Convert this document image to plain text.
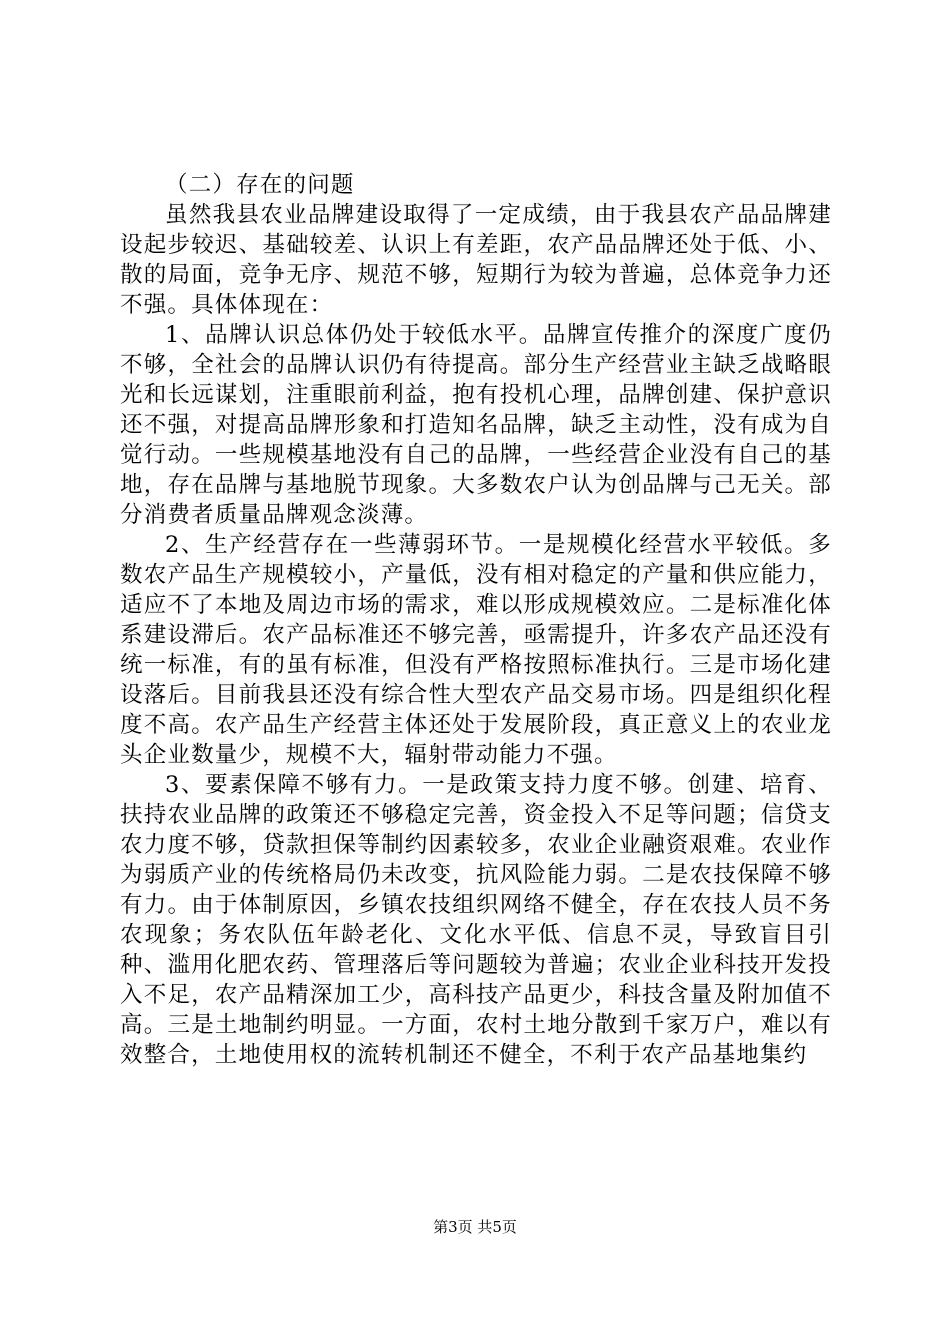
（二）存在的问题

虽然我县农业品牌建设取得了一定成绩，由于我县农产品品牌建设起步较迟、基础较差、认识上有差距，农产品品牌还处于低、小、散的局面，竞争无序、规范不够，短期行为较为普遍，总体竞争力还不强。具体体现在：

1、品牌认识总体仍处于较低水平。品牌宣传推介的深度广度仍不够，全社会的品牌认识仍有待提高。部分生产经营业主缺乏战略眼光和长远谋划，注重眼前利益，抱有投机心理，品牌创建、保护意识还不强，对提高品牌形象和打造知名品牌，缺乏主动性，没有成为自觉行动。一些规模基地没有自己的品牌，一些经营企业没有自己的基地，存在品牌与基地脱节现象。大多数农户认为创品牌与己无关。部分消费者质量品牌观念淡薄。

2、生产经营存在一些薄弱环节。一是规模化经营水平较低。多数农产品生产规模较小，产量低，没有相对稳定的产量和供应能力，适应不了本地及周边市场的需求，难以形成规模效应。二是标准化体系建设滞后。农产品标准还不够完善，亟需提升，许多农产品还没有统一标准，有的虽有标准，但没有严格按照标准执行。三是市场化建设落后。目前我县还没有综合性大型农产品交易市场。四是组织化程度不高。农产品生产经营主体还处于发展阶段，真正意义上的农业龙头企业数量少，规模不大，辐射带动能力不强。

3、要素保障不够有力。一是政策支持力度不够。创建、培育、扶持农业品牌的政策还不够稳定完善，资金投入不足等问题；信贷支农力度不够，贷款担保等制约因素较多，农业企业融资艰难。农业作为弱质产业的传统格局仍未改变，抗风险能力弱。二是农技保障不够有力。由于体制原因，乡镇农技组织网络不健全，存在农技人员不务农现象；务农队伍年龄老化、文化水平低、信息不灵，导致盲目引种、滥用化肥农药、管理落后等问题较为普遍；农业企业科技开发投入不足，农产品精深加工少，高科技产品更少，科技含量及附加值不高。三是土地制约明显。一方面，农村土地分散到千家万户，难以有效整合，土地使用权的流转机制还不健全，不利于农产品基地集约

第3页 共5页
